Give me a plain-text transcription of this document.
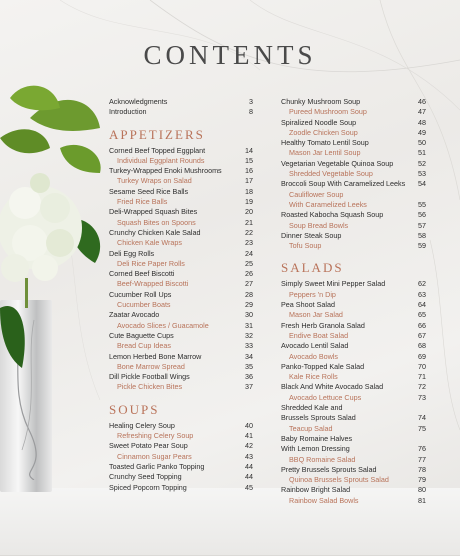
CONTENTS
Acknowledgments	3
Introduction	8
APPETIZERS
Corned Beef Topped Eggplant	14
Individual Eggplant Rounds	15
Turkey-Wrapped Enoki Mushrooms	16
Turkey Wraps on Salad	17
Sesame Seed Rice Balls	18
Fried Rice Balls	19
Deli-Wrapped Squash Bites	20
Squash Bites on Spoons	21
Crunchy Chicken Kale Salad	22
Chicken Kale Wraps	23
Deli Egg Rolls	24
Deli Rice Paper Rolls	25
Corned Beef Biscotti	26
Beef-Wrapped Biscotti	27
Cucumber Roll Ups	28
Cucumber Boats	29
Zaatar Avocado	30
Avocado Slices / Guacamole	31
Cute Baguette Cups	32
Bread Cup Ideas	33
Lemon Herbed Bone Marrow	34
Bone Marrow Spread	35
Dill Pickle Football Wings	36
Pickle Chicken Bites	37
SOUPS
Healing Celery Soup	40
Refreshing Celery Soup	41
Sweet Potato Pear Soup	42
Cinnamon Sugar Pears	43
Toasted Garlic Panko Topping	44
Crunchy Seed Topping	44
Spiced Popcorn Topping	45
Chunky Mushroom Soup	46
Pureed Mushroom Soup	47
Spiralized Noodle Soup	48
Zoodle Chicken Soup	49
Healthy Tomato Lentil Soup	50
Mason Jar Lentil Soup	51
Vegetarian Vegetable Quinoa Soup	52
Shredded Vegetable Soup	53
Broccoli Soup With Caramelized Leeks 54
Cauliflower Soup
With Caramelized Leeks	55
Roasted Kabocha Squash Soup	56
Soup Bread Bowls	57
Dinner Steak Soup	58
Tofu Soup	59
SALADS
Simply Sweet Mini Pepper Salad	62
Peppers 'n Dip	63
Pea Shoot Salad	64
Mason Jar Salad	65
Fresh Herb Granola Salad	66
Endive Boat Salad	67
Avocado Lentil Salad	68
Avocado Bowls	69
Panko-Topped Kale Salad	70
Kale Rice Rolls	71
Black And White Avocado Salad	72
Avocado Lettuce Cups	73
Shredded Kale and
Brussels Sprouts Salad	74
Teacup Salad	75
Baby Romaine Halves
With Lemon Dressing	76
BBQ Romaine Salad	77
Pretty Brussels Sprouts Salad	78
Quinoa Brussels Sprouts Salad	79
Rainbow Bright Salad	80
Rainbow Salad Bowls	81
